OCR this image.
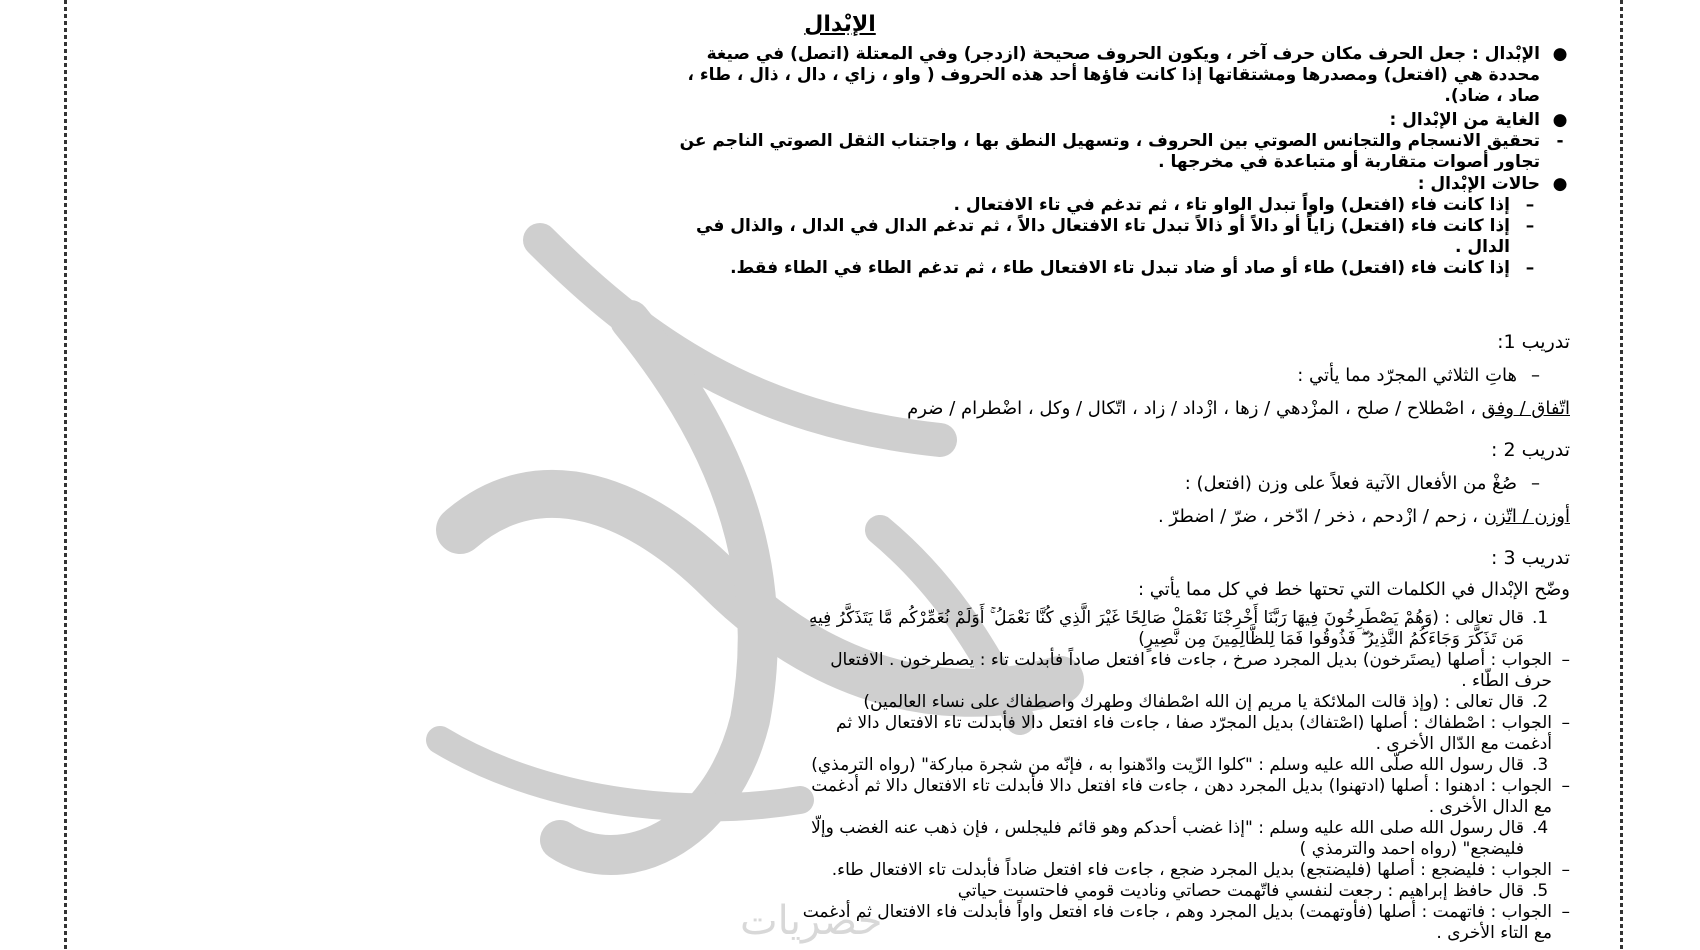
الإبْدال
●
الإبْدال : جعل الحرف مكان حرف آخر ، ويكون الحروف صحيحة (ازدجر) وفي المعتلة (اتصل) في صيغة
محددة هي (افتعل) ومصدرها ومشتقاتها إذا كانت فاؤها أحد هذه الحروف ( واو ، زاي ، دال ، ذال ، طاء ،
صاد ، ضاد).
●
الغاية من الإبْدال :
-
تحقيق الانسجام والتجانس الصوتي بين الحروف ، وتسهيل النطق بها ، واجتناب الثقل الصوتي الناجم عن
تجاور أصوات متقاربة أو متباعدة في مخرجها .
●
حالات الإبْدال :
–
إذا كانت فاء (افتعل) واواً تبدل الواو تاء ، ثم تدغم في تاء الافتعال .
–
إذا كانت فاء (افتعل) زاياً أو دالاً أو ذالاً تبدل تاء الافتعال دالاً ، ثم تدغم الدال في الدال ، والذال في
الدال .
–
إذا كانت فاء (افتعل) طاء أو صاد أو ضاد تبدل تاء الافتعال طاء ، ثم تدغم الطاء في الطاء فقط.
تدريب 1:
–
هاتِ الثلاثي المجرّد مما يأتي :
اتّفاق / وفق ، اصْطلاح / صلح ، المزْدهي / زها ، ازْداد / زاد ، اتّكال / وكل ، اضْطرام / ضرم
تدريب 2 :
–
صُغْ من الأفعال الآتية فعلاً على وزن (افتعل) :
أوزن / اتّزن ، زحم / ازْدحم ، ذخر / ادّخر ، ضرّ / اضطرّ .
تدريب 3 :
وضّح الإبْدال في الكلمات التي تحتها خط في كل مما يأتي :
1.
قال تعالى : (وَهُمْ يَصْطَرِخُونَ فِيهَا رَبَّنَا أَخْرِجْنَا نَعْمَلْ صَالِحًا غَيْرَ الَّذِي كُنَّا نَعْمَلُ ۚ أَوَلَمْ نُعَمِّرْكُم مَّا يَتَذَكَّرُ فِيهِ
مَن تَذَكَّرَ وَجَاءَكُمُ النَّذِيرُ ۖ فَذُوقُوا فَمَا لِلظَّالِمِينَ مِن نَّصِيرٍ)
–
الجواب : أصلها (يصتَرخون) بديل المجرد صرخ ، جاءت فاء افتعل صاداً فأبدلت تاء : يصطرخون . الافتعال
حرف الطّاء .
2.
قال تعالى : (وإذ قالت الملائكة يا مريم إن الله اصْطفاك وطهرك واصطفاك على نساء العالمين)
–
الجواب : اصْطفاك : أصلها (اصْتفاك) بديل المجرّد صفا ، جاءت فاء افتعل دالا فأبدلت تاء الافتعال دالا ثم
أدغمت مع الدّال الأخرى .
3.
قال رسول الله صلّى الله عليه وسلم : "كلوا الزّيت وادّهنوا به ، فإنّه من شجرة مباركة" (رواه الترمذي)
–
الجواب : ادهنوا : أصلها (ادتهنوا) بديل المجرد دهن ، جاءت فاء افتعل دالا فأبدلت تاء الافتعال دالا ثم أدغمت
مع الدال الأخرى .
4.
قال رسول الله صلى الله عليه وسلم : "إذا غضب أحدكم وهو قائم فليجلس ، فإن ذهب عنه الغضب وإلّا
فليضجع" (رواه احمد والترمذي )
–
الجواب : فليضجع : أصلها (فليضتجع) بديل المجرد ضجع ، جاءت فاء افتعل ضاداً فأبدلت تاء الافتعال طاء.
5.
قال حافظ إبراهيم : رجعت لنفسي فاتّهمت حصاتي وناديت قومي فاحتسبت حياتي
–
الجواب : فاتهمت : أصلها (فأوتهمت) بديل المجرد وهم ، جاءت فاء افتعل واواً فأبدلت فاء الافتعال ثم أدغمت
مع التاء الأخرى .
حصريات
